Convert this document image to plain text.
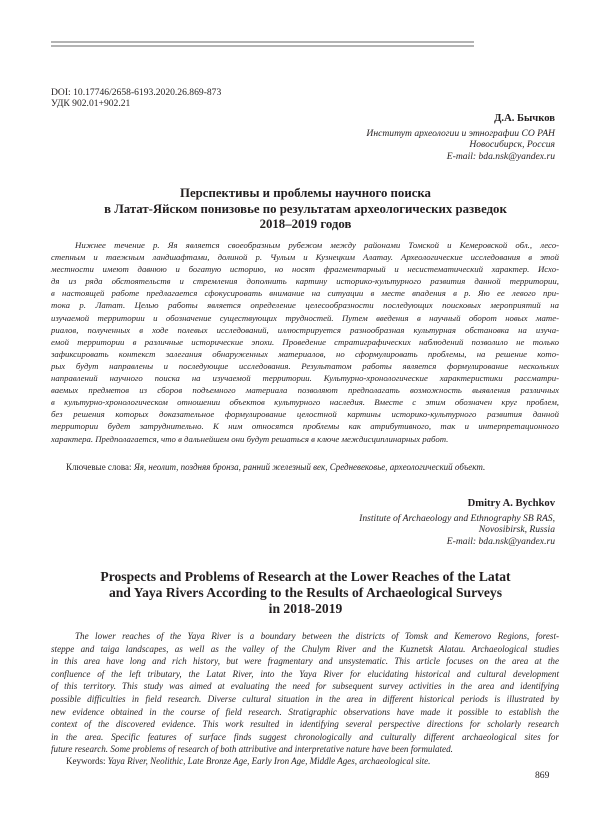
DOI: 10.17746/2658-6193.2020.26.869-873
УДК 902.01+902.21
Д.А. Бычков
Институт археологии и этнографии СО РАН
Новосибирск, Россия
E-mail: bda.nsk@yandex.ru
Перспективы и проблемы научного поиска
в Латат-Яйском понизовье по результатам археологических разведок
2018–2019 годов
Нижнее течение р. Яя является своеобразным рубежом между районами Томской и Кемеровской обл., лесо-
степным и таежным ландшафтами, долиной р. Чулым и Кузнецким Алатау. Археологические исследования в этой
местности имеют давнюю и богатую историю, но носят фрагментарный и несистематический характер. Исхо-
дя из ряда обстоятельств и стремления дополнить картину историко-культурного развития данной территории,
в настоящей работе предлагается сфокусировать внимание на ситуации в месте впадения в р. Яю ее левого при-
тока р. Латат. Целью работы является определение целесообразности последующих поисковых мероприятий на
изучаемой территории и обозначение существующих трудностей. Путем введения в научный оборот новых мате-
риалов, полученных в ходе полевых исследований, иллюстрируется разнообразная культурная обстановка на изуча-
емой территории в различные исторические эпохи. Проведение стратиграфических наблюдений позволило не только
зафиксировать контекст залегания обнаруженных материалов, но сформулировать проблемы, на решение кото-
рых будут направлены и последующие исследования. Результатом работы является формулирование нескольких
направлений научного поиска на изучаемой территории. Культурно-хронологические характеристики рассматри-
ваемых предметов из сборов подъемного материала позволяют предполагать возможность выявления различных
в культурно-хронологическом отношении объектов культурного наследия. Вместе с этим обозначен круг проблем,
без решения которых доказательное формулирование целостной картины историко-культурного развития данной
территории будет затруднительно. К ним относятся проблемы как атрибутивного, так и интерпретационного
характера. Предполагается, что в дальнейшем они будут решаться в ключе междисциплинарных работ.
Ключевые слова: Яя, неолит, поздняя бронза, ранний железный век, Средневековье, археологический объект.
Dmitry A. Bychkov
Institute of Archaeology and Ethnography SB RAS,
Novosibirsk, Russia
E-mail: bda.nsk@yandex.ru
Prospects and Problems of Research at the Lower Reaches of the Latat
and Yaya Rivers According to the Results of Archaeological Surveys
in 2018-2019
The lower reaches of the Yaya River is a boundary between the districts of Tomsk and Kemerovo Regions, forest-
steppe and taiga landscapes, as well as the valley of the Chulym River and the Kuznetsk Alatau. Archaeological studies
in this area have long and rich history, but were fragmentary and unsystematic. This article focuses on the area at the
confluence of the left tributary, the Latat River, into the Yaya River for elucidating historical and cultural development
of this territory. This study was aimed at evaluating the need for subsequent survey activities in the area and identifying
possible difficulties in field research. Diverse cultural situation in the area in different historical periods is illustrated by
new evidence obtained in the course of field research. Stratigraphic observations have made it possible to establish the
context of the discovered evidence. This work resulted in identifying several perspective directions for scholarly research
in the area. Specific features of surface finds suggest chronologically and culturally different archaeological sites for
future research. Some problems of research of both attributive and interpretative nature have been formulated.
Keywords: Yaya River, Neolithic, Late Bronze Age, Early Iron Age, Middle Ages, archaeological site.
869
